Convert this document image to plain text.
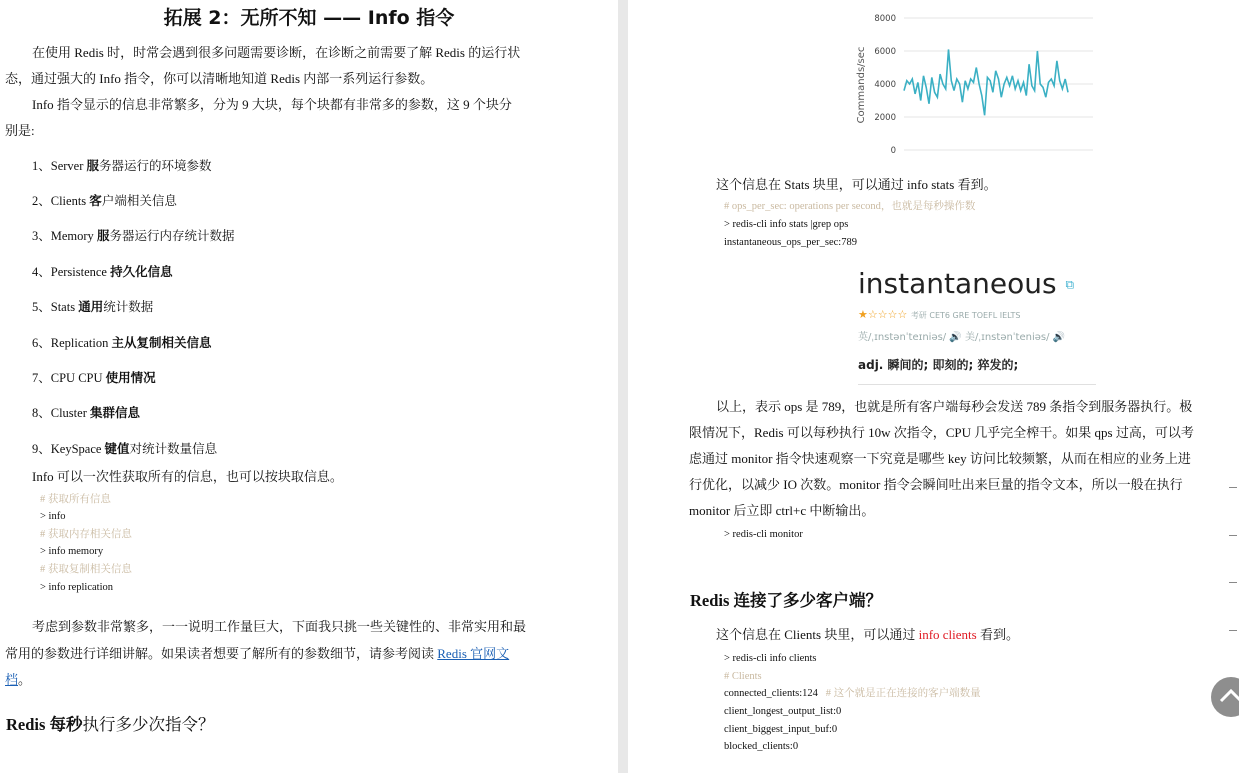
拓展 2：无所不知 —— Info 指令
在使用 Redis 时，时常会遇到很多问题需要诊断，在诊断之前需要了解 Redis 的运行状
态，通过强大的 Info 指令，你可以清晰地知道 Redis 内部一系列运行参数。
Info 指令显示的信息非常繁多，分为 9 大块，每个块都有非常多的参数，这 9 个块分
别是:
1、Server 服务器运行的环境参数
2、Clients 客户端相关信息
3、Memory 服务器运行内存统计数据
4、Persistence 持久化信息
5、Stats 通用统计数据
6、Replication 主从复制相关信息
7、CPU CPU 使用情况
8、Cluster 集群信息
9、KeySpace 键值对统计数量信息
Info 可以一次性获取所有的信息，也可以按块取信息。
# 获取所有信息
> info
# 获取内存相关信息
> info memory
# 获取复制相关信息
> info replication
考虑到参数非常繁多，一一说明工作量巨大，下面我只挑一些关键性的、非常实用和最
常用的参数进行详细讲解。如果读者想要了解所有的参数细节，请参考阅读 Redis 官网文
档。
Redis 每秒执行多少次指令？
Commands/sec
8000
6000
4000
2000
0
这个信息在 Stats 块里，可以通过 info stats 看到。
# ops_per_sec: operations per second，也就是每秒操作数
> redis-cli info stats |grep ops
instantaneous_ops_per_sec:789
instantaneous ⧉
★☆☆☆☆ 考研 CET6 GRE TOEFL IELTS
英/ˌɪnstənˈteɪniəs/ 🔊 美/ˌɪnstənˈteniəs/ 🔊
adj. 瞬间的; 即刻的; 猝发的;
以上，表示 ops 是 789，也就是所有客户端每秒会发送 789 条指令到服务器执行。极
限情况下，Redis 可以每秒执行 10w 次指令，CPU 几乎完全榨干。如果 qps 过高，可以考
虑通过 monitor 指令快速观察一下究竟是哪些 key 访问比较频繁，从而在相应的业务上进
行优化，以减少 IO 次数。monitor 指令会瞬间吐出来巨量的指令文本，所以一般在执行
monitor 后立即 ctrl+c 中断输出。
> redis-cli monitor
Redis 连接了多少客户端？
这个信息在 Clients 块里，可以通过 info clients 看到。
> redis-cli info clients
# Clients
connected_clients:124 # 这个就是正在连接的客户端数量
client_longest_output_list:0
client_biggest_input_buf:0
blocked_clients:0
